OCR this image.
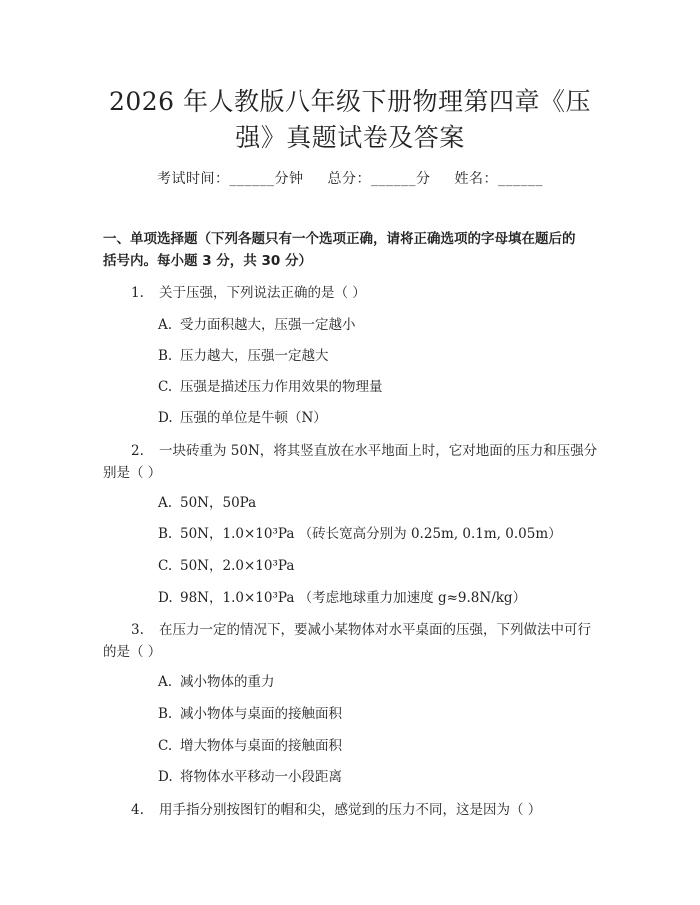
2026 年人教版八年级下册物理第四章《压
强》真题试卷及答案
考试时间：______分钟 总分：______分 姓名：______
一、单项选择题（下列各题只有一个选项正确，请将正确选项的字母填在题后的
括号内。每小题 3 分，共 30 分）
1. 关于压强，下列说法正确的是（ ）
A. 受力面积越大，压强一定越小
B. 压力越大，压强一定越大
C. 压强是描述压力作用效果的物理量
D. 压强的单位是牛顿（N）
2. 一块砖重为 50N，将其竖直放在水平地面上时，它对地面的压力和压强分
别是（ ）
A. 50N，50Pa
B. 50N，1.0×10³Pa （砖长宽高分别为 0.25m, 0.1m, 0.05m）
C. 50N，2.0×10³Pa
D. 98N，1.0×10³Pa （考虑地球重力加速度 g≈9.8N/kg）
3. 在压力一定的情况下，要减小某物体对水平桌面的压强，下列做法中可行
的是（ ）
A. 减小物体的重力
B. 减小物体与桌面的接触面积
C. 增大物体与桌面的接触面积
D. 将物体水平移动一小段距离
4. 用手指分别按图钉的帽和尖，感觉到的压力不同，这是因为（ ）
